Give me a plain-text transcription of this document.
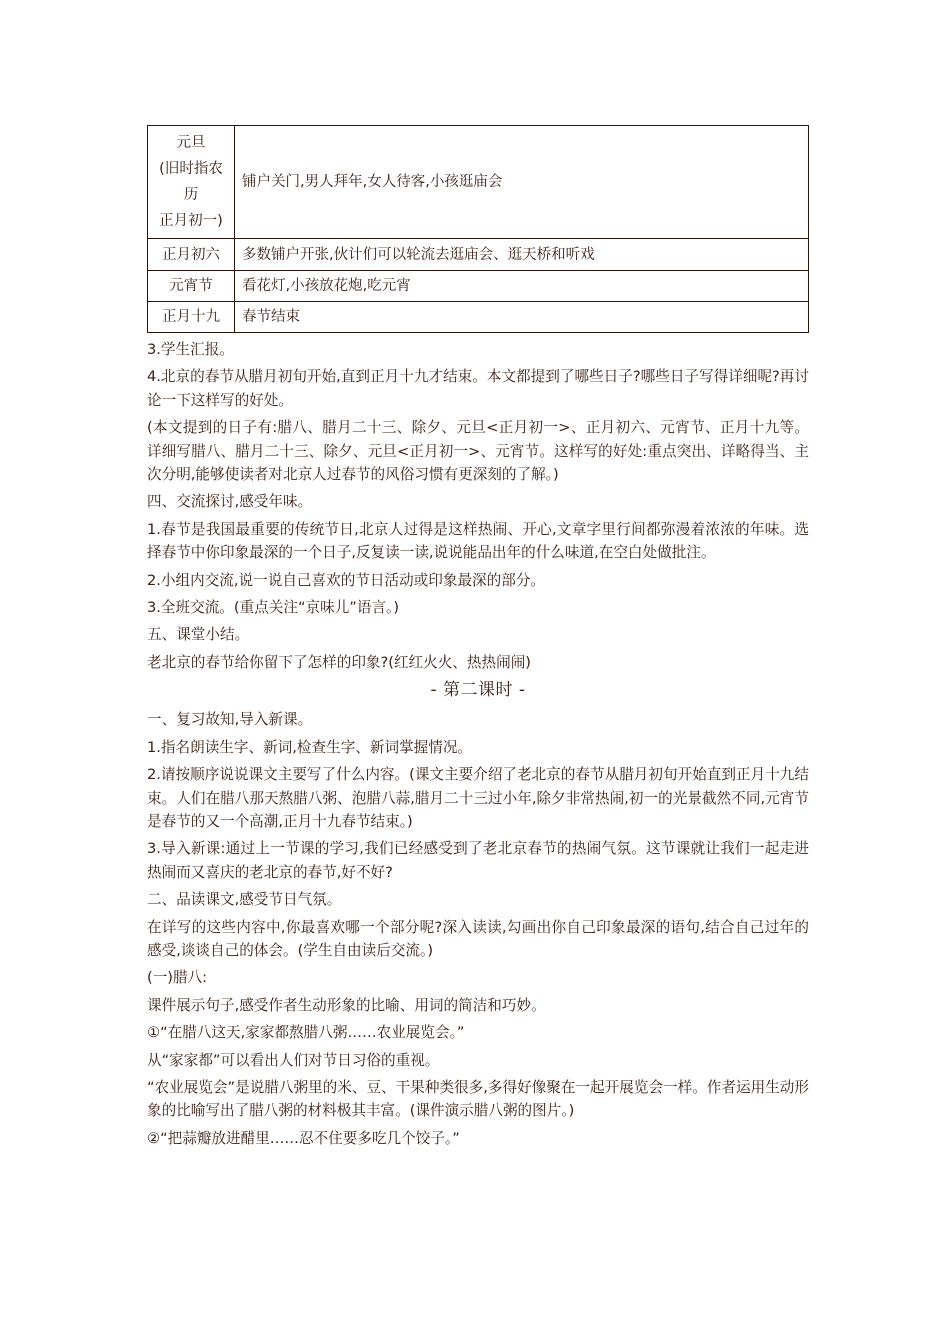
元旦
(旧时指农历
正月初一)	铺户关门,男人拜年,女人待客,小孩逛庙会
正月初六	多数铺户开张,伙计们可以轮流去逛庙会、逛天桥和听戏
元宵节	看花灯,小孩放花炮,吃元宵
正月十九	春节结束

3.学生汇报。

4.北京的春节从腊月初旬开始,直到正月十九才结束。本文都提到了哪些日子?哪些日子写得详细呢?再讨论一下这样写的好处。

(本文提到的日子有:腊八、腊月二十三、除夕、元旦<正月初一>、正月初六、元宵节、正月十九等。详细写腊八、腊月二十三、除夕、元旦<正月初一>、元宵节。这样写的好处:重点突出、详略得当、主次分明,能够使读者对北京人过春节的风俗习惯有更深刻的了解。)

四、交流探讨,感受年味。

1.春节是我国最重要的传统节日,北京人过得是这样热闹、开心,文章字里行间都弥漫着浓浓的年味。选择春节中你印象最深的一个日子,反复读一读,说说能品出年的什么味道,在空白处做批注。

2.小组内交流,说一说自己喜欢的节日活动或印象最深的部分。

3.全班交流。(重点关注“京味儿”语言。)

五、课堂小结。

老北京的春节给你留下了怎样的印象?(红红火火、热热闹闹)

- 第二课时 -

一、复习故知,导入新课。

1.指名朗读生字、新词,检查生字、新词掌握情况。

2.请按顺序说说课文主要写了什么内容。(课文主要介绍了老北京的春节从腊月初旬开始直到正月十九结束。人们在腊八那天熬腊八粥、泡腊八蒜,腊月二十三过小年,除夕非常热闹,初一的光景截然不同,元宵节是春节的又一个高潮,正月十九春节结束。)

3.导入新课:通过上一节课的学习,我们已经感受到了老北京春节的热闹气氛。这节课就让我们一起走进热闹而又喜庆的老北京的春节,好不好?

二、品读课文,感受节日气氛。

在详写的这些内容中,你最喜欢哪一个部分呢?深入读读,勾画出你自己印象最深的语句,结合自己过年的感受,谈谈自己的体会。(学生自由读后交流。)

(一)腊八:

课件展示句子,感受作者生动形象的比喻、用词的简洁和巧妙。

①“在腊八这天,家家都熬腊八粥……农业展览会。”

从“家家都”可以看出人们对节日习俗的重视。

“农业展览会”是说腊八粥里的米、豆、干果种类很多,多得好像聚在一起开展览会一样。作者运用生动形象的比喻写出了腊八粥的材料极其丰富。(课件演示腊八粥的图片。)

②“把蒜瓣放进醋里……忍不住要多吃几个饺子。”
